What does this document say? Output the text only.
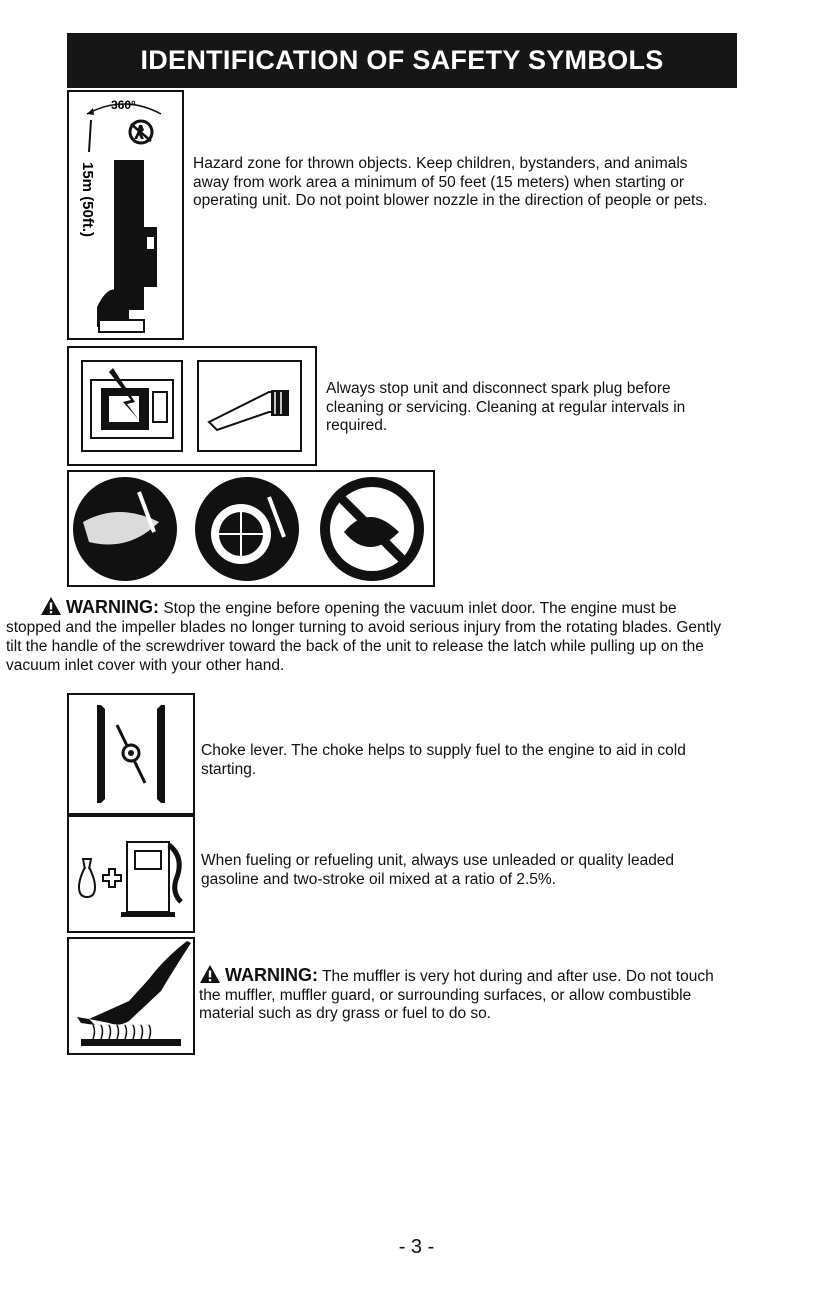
IDENTIFICATION OF SAFETY SYMBOLS
360°
15m (50ft.)	Hazard zone for thrown objects. Keep children, bystanders, and animals away from work area a minimum of 50 feet (15 meters) when starting or operating unit. Do not point blower nozzle in the direction of people or pets.
Always stop unit and disconnect spark plug before cleaning or servicing. Cleaning at regular intervals in required.
WARNING: Stop the engine before opening the vacuum inlet door. The engine must be stopped and the impeller blades no longer turning to avoid serious injury from the rotating blades. Gently tilt the handle of the screwdriver toward the back of the unit to release the latch while pulling up on the vacuum inlet cover with your other hand.
Choke lever. The choke helps to supply fuel to the engine to aid in cold starting.
When fueling or refueling unit, always use unleaded or quality leaded gasoline and two-stroke oil mixed at a ratio of 2.5%.
WARNING: The muffler is very hot during and after use. Do not touch the muffler, muffler guard, or surrounding surfaces, or allow combustible material such as dry grass or fuel to do so.
- 3 -
